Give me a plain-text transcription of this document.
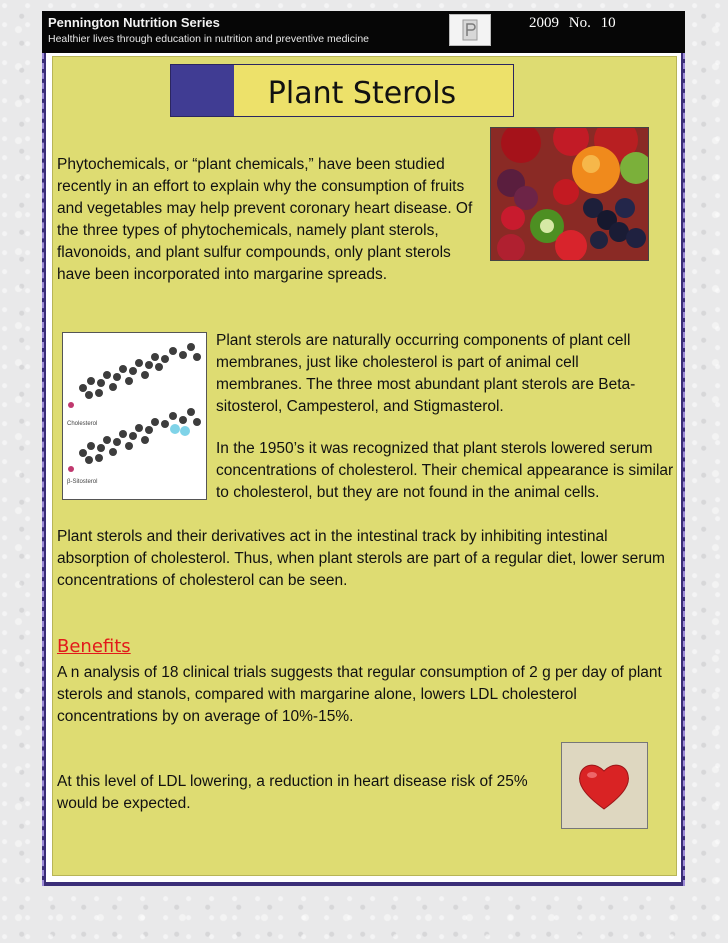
Pennington Nutrition Series
Healthier lives through education in nutrition and preventive medicine
2009 No. 10
Plant Sterols
Cholesterol
β-Sitosterol
Phytochemicals, or “plant chemicals,” have been studied recently in an effort to explain why the consumption of fruits and vegetables may help prevent coronary heart disease. Of the three types of phytochemicals, namely plant sterols, flavonoids, and plant sulfur compounds, only plant sterols have been incorporated into margarine spreads.
Plant sterols are naturally occurring components of plant cell membranes, just like cholesterol is part of animal cell membranes. The three most abundant plant sterols are Beta-sitosterol, Campesterol, and Stigmasterol.
In the 1950’s it was recognized that plant sterols lowered serum concentrations of cholesterol. Their chemical appearance is similar to cholesterol, but they are not found in the animal cells.
Plant sterols and their derivatives act in the intestinal track by inhibiting intestinal absorption of cholesterol. Thus, when plant sterols are part of a regular diet, lower serum concentrations of cholesterol can be seen.
Benefits
A n analysis of 18 clinical trials suggests that regular consumption of 2 g per day of plant sterols and stanols, compared with margarine alone, lowers LDL cholesterol concentrations by on average of 10%-15%.
At this level of LDL lowering, a reduction in heart disease risk of 25% would be expected.
